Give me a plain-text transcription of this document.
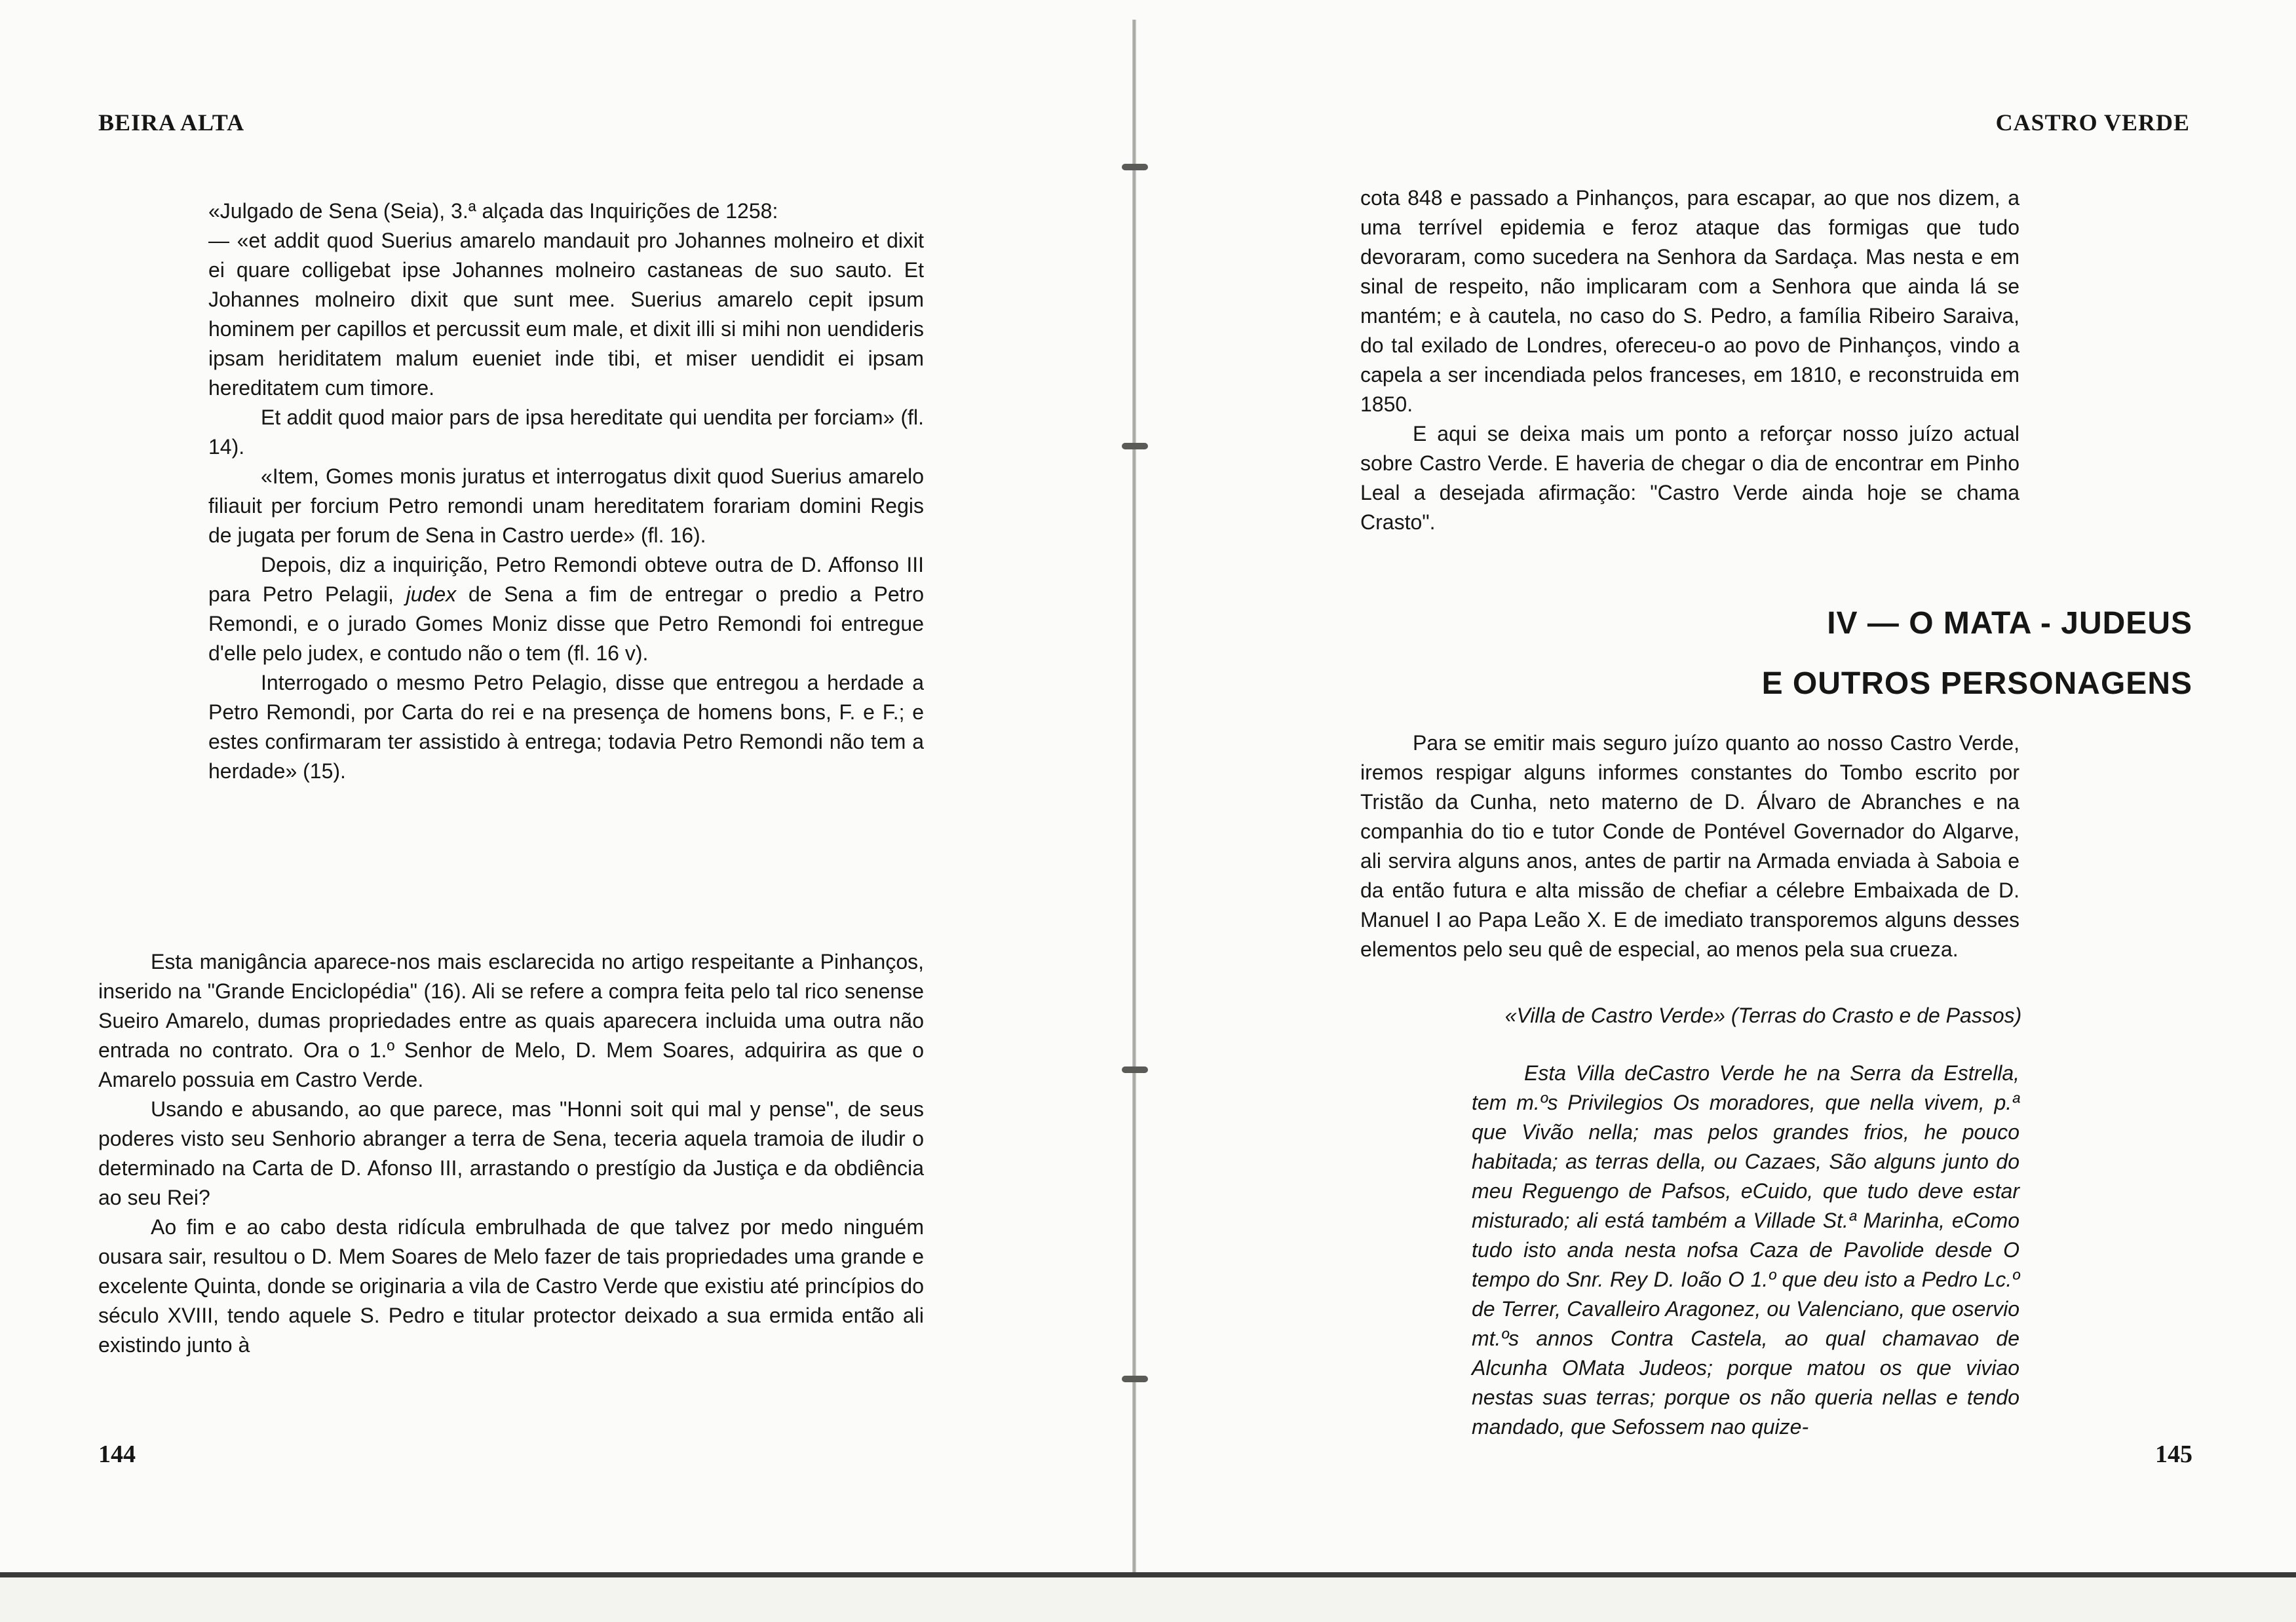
BEIRA ALTA

«Julgado de Sena (Seia), 3.ª alçada das Inquirições de 1258:

— «et addit quod Suerius amarelo mandauit pro Johannes molneiro et dixit ei quare colligebat ipse Johannes molneiro castaneas de suo sauto. Et Johannes molneiro dixit que sunt mee. Suerius amarelo cepit ipsum hominem per capillos et percussit eum male, et dixit illi si mihi non uendideris ipsam heriditatem malum eueniet inde tibi, et miser uendidit ei ipsam hereditatem cum timore.

Et addit quod maior pars de ipsa hereditate qui uendita per forciam» (fl. 14).

«Item, Gomes monis juratus et interrogatus dixit quod Suerius amarelo filiauit per forcium Petro remondi unam hereditatem forariam domini Regis de jugata per forum de Sena in Castro uerde» (fl. 16).

Depois, diz a inquirição, Petro Remondi obteve outra de D. Affonso III para Petro Pelagii, judex de Sena a fim de entregar o predio a Petro Remondi, e o jurado Gomes Moniz disse que Petro Remondi foi entregue d'elle pelo judex, e contudo não o tem (fl. 16 v).

Interrogado o mesmo Petro Pelagio, disse que entregou a herdade a Petro Remondi, por Carta do rei e na presença de homens bons, F. e F.; e estes confirmaram ter assistido à entrega; todavia Petro Remondi não tem a herdade» (15).

Esta manigância aparece-nos mais esclarecida no artigo respeitante a Pinhanços, inserido na "Grande Enciclopédia" (16). Ali se refere a compra feita pelo tal rico senense Sueiro Amarelo, dumas propriedades entre as quais aparecera incluida uma outra não entrada no contrato. Ora o 1.º Senhor de Melo, D. Mem Soares, adquirira as que o Amarelo possuia em Castro Verde.

Usando e abusando, ao que parece, mas "Honni soit qui mal y pense", de seus poderes visto seu Senhorio abranger a terra de Sena, teceria aquela tramoia de iludir o determinado na Carta de D. Afonso III, arrastando o prestígio da Justiça e da obdiência ao seu Rei?

Ao fim e ao cabo desta ridícula embrulhada de que talvez por medo ninguém ousara sair, resultou o D. Mem Soares de Melo fazer de tais propriedades uma grande e excelente Quinta, donde se originaria a vila de Castro Verde que existiu até princípios do século XVIII, tendo aquele S. Pedro e titular protector deixado a sua ermida então ali existindo junto à

144
CASTRO VERDE

cota 848 e passado a Pinhanços, para escapar, ao que nos dizem, a uma terrível epidemia e feroz ataque das formigas que tudo devoraram, como sucedera na Senhora da Sardaça. Mas nesta e em sinal de respeito, não implicaram com a Senhora que ainda lá se mantém; e à cautela, no caso do S. Pedro, a família Ribeiro Saraiva, do tal exilado de Londres, ofereceu-o ao povo de Pinhanços, vindo a capela a ser incendiada pelos franceses, em 1810, e reconstruida em 1850.

E aqui se deixa mais um ponto a reforçar nosso juízo actual sobre Castro Verde. E haveria de chegar o dia de encontrar em Pinho Leal a desejada afirmação: "Castro Verde ainda hoje se chama Crasto".

IV — O MATA - JUDEUS
E OUTROS PERSONAGENS

Para se emitir mais seguro juízo quanto ao nosso Castro Verde, iremos respigar alguns informes constantes do Tombo escrito por Tristão da Cunha, neto materno de D. Álvaro de Abranches e na companhia do tio e tutor Conde de Pontével Governador do Algarve, ali servira alguns anos, antes de partir na Armada enviada à Saboia e da então futura e alta missão de chefiar a célebre Embaixada de D. Manuel I ao Papa Leão X. E de imediato transporemos alguns desses elementos pelo seu quê de especial, ao menos pela sua crueza.

«Villa de Castro Verde» (Terras do Crasto e de Passos)
Esta Villa deCastro Verde he na Serra da Estrella, tem m.ºs Privilegios Os moradores, que nella vivem, p.ª que Vivão nella; mas pelos grandes frios, he pouco habitada; as terras della, ou Cazaes, São alguns junto do meu Reguengo de Pafsos, eCuido, que tudo deve estar misturado; ali está também a Villade St.ª Marinha, eComo tudo isto anda nesta nofsa Caza de Pavolide desde O tempo do Snr. Rey D. Ioão O 1.º que deu isto a Pedro Lc.º de Terrer, Cavalleiro Aragonez, ou Valenciano, que oservio mt.ºs annos Contra Castela, ao qual chamavao de Alcunha OMata Judeos; porque matou os que viviao nestas suas terras; porque os não queria nellas e tendo mandado, que Sefossem nao quize-
145
